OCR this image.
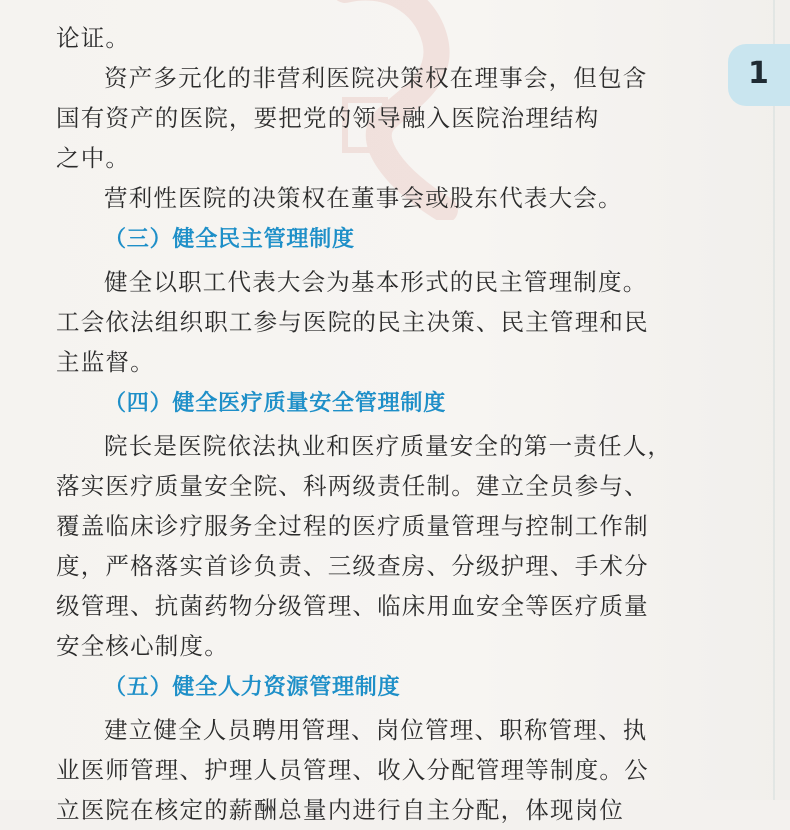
1
论证。
资产多元化的非营利医院决策权在理事会，但包含
国有资产的医院，要把党的领导融入医院治理结构
之中。
营利性医院的决策权在董事会或股东代表大会。
（三）健全民主管理制度
健全以职工代表大会为基本形式的民主管理制度。
工会依法组织职工参与医院的民主决策、民主管理和民
主监督。
（四）健全医疗质量安全管理制度
院长是医院依法执业和医疗质量安全的第一责任人，
落实医疗质量安全院、科两级责任制。建立全员参与、
覆盖临床诊疗服务全过程的医疗质量管理与控制工作制
度，严格落实首诊负责、三级查房、分级护理、手术分
级管理、抗菌药物分级管理、临床用血安全等医疗质量
安全核心制度。
（五）健全人力资源管理制度
建立健全人员聘用管理、岗位管理、职称管理、执
业医师管理、护理人员管理、收入分配管理等制度。公
立医院在核定的薪酬总量内进行自主分配，体现岗位
